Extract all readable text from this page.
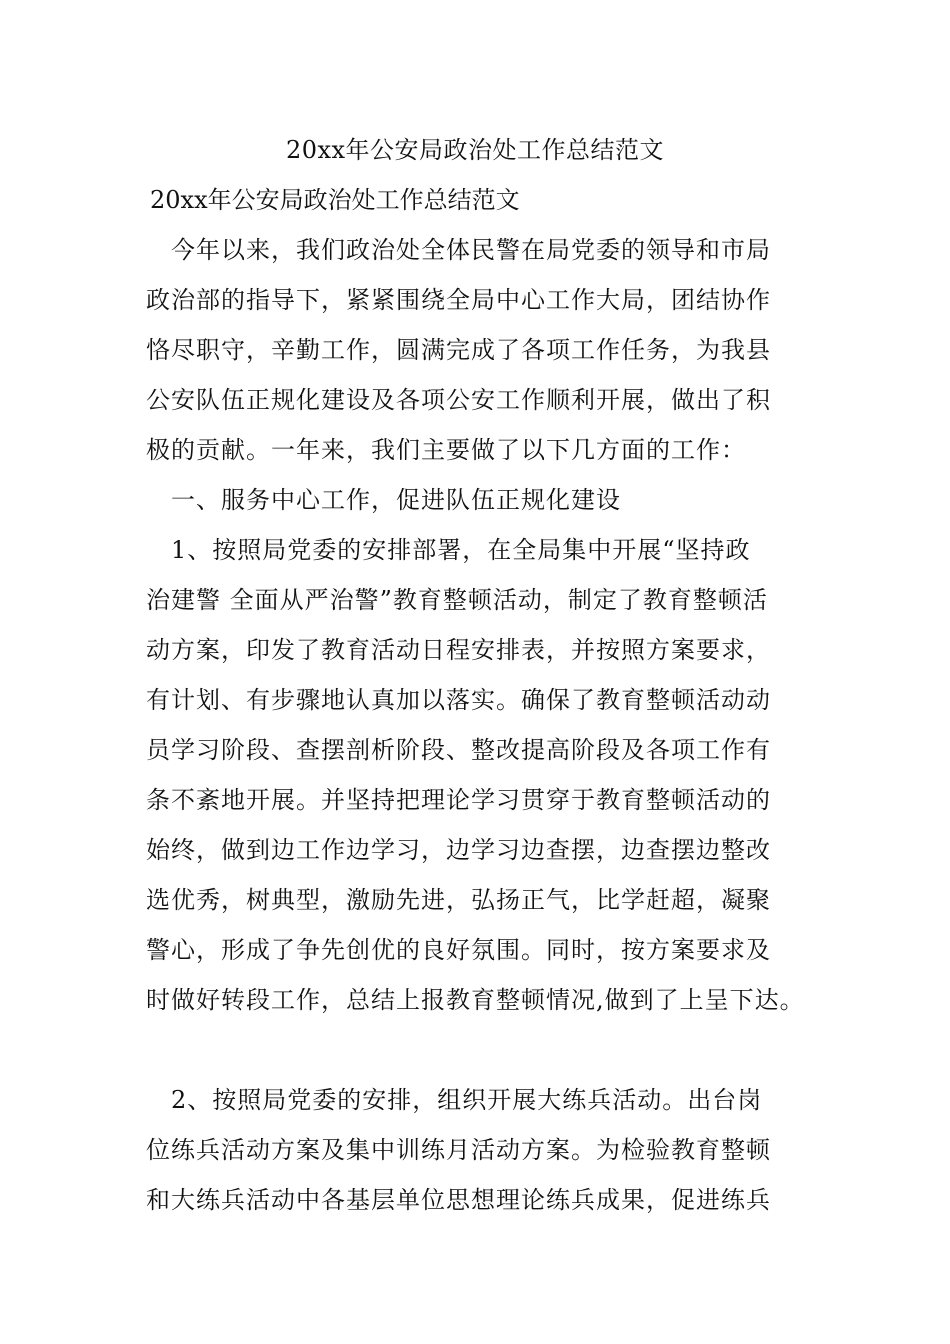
20xx年公安局政治处工作总结范文
20xx年公安局政治处工作总结范文
　今年以来，我们政治处全体民警在局党委的领导和市局
政治部的指导下，紧紧围绕全局中心工作大局，团结协作
恪尽职守，辛勤工作，圆满完成了各项工作任务，为我县
公安队伍正规化建设及各项公安工作顺利开展，做出了积
极的贡献。一年来，我们主要做了以下几方面的工作：
　一、服务中心工作，促进队伍正规化建设
　1、按照局党委的安排部署，在全局集中开展“坚持政
治建警 全面从严治警”教育整顿活动，制定了教育整顿活
动方案，印发了教育活动日程安排表，并按照方案要求，
有计划、有步骤地认真加以落实。确保了教育整顿活动动
员学习阶段、查摆剖析阶段、整改提高阶段及各项工作有
条不紊地开展。并坚持把理论学习贯穿于教育整顿活动的
始终，做到边工作边学习，边学习边查摆，边查摆边整改
选优秀，树典型，激励先进，弘扬正气，比学赶超，凝聚
警心，形成了争先创优的良好氛围。同时，按方案要求及
时做好转段工作，总结上报教育整顿情况,做到了上呈下达。
　2、按照局党委的安排，组织开展大练兵活动。出台岗
位练兵活动方案及集中训练月活动方案。为检验教育整顿
和大练兵活动中各基层单位思想理论练兵成果，促进练兵
